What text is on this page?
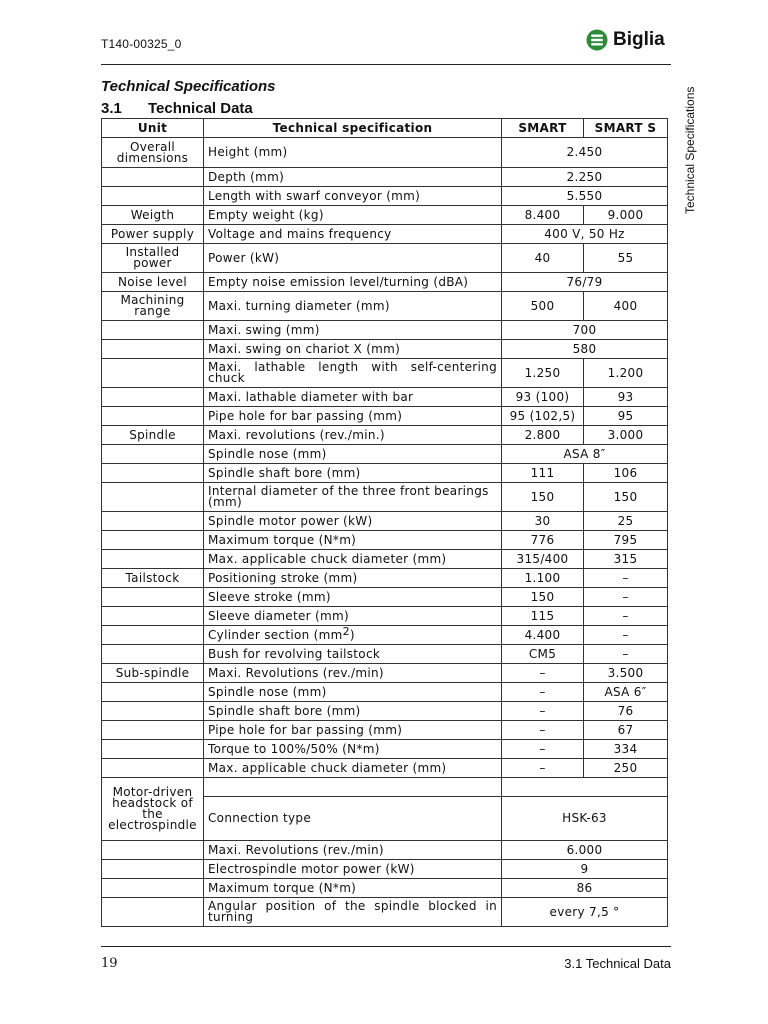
T140-00325_0	Biglia
Technical Specifications
Technical Specifications
3.1 Technical Data
Unit	Technical specification	SMART	SMART S
Overall dimensions	Height (mm)	2.450	
	Depth (mm)	2.250	
	Length with swarf conveyor (mm)	5.550	
Weigth	Empty weight (kg)	8.400	9.000
Power supply	Voltage and mains frequency	400 V, 50 Hz	
Installed power	Power (kW)	40	55
Noise level	Empty noise emission level/turning (dBA)	76/79	
Machining range	Maxi. turning diameter (mm)	500	400
	Maxi. swing (mm)	700	
	Maxi. swing on chariot X (mm)	580	
	Maxi. lathable length with self-centering chuck	1.250	1.200
	Maxi. lathable diameter with bar	93 (100)	93
	Pipe hole for bar passing (mm)	95 (102,5)	95
Spindle	Maxi. revolutions (rev./min.)	2.800	3.000
	Spindle nose (mm)	ASA 8″	
	Spindle shaft bore (mm)	111	106
	Internal diameter of the three front bearings (mm)	150	150
	Spindle motor power (kW)	30	25
	Maximum torque (N*m)	776	795
	Max. applicable chuck diameter (mm)	315/400	315
Tailstock	Positioning stroke (mm)	1.100	–
	Sleeve stroke (mm)	150	–
	Sleeve diameter (mm)	115	–
	Cylinder section $(mm^2)$	4.400	–
	Bush for revolving tailstock	CM5	–
Sub-spindle	Maxi. Revolutions (rev./min)	–	3.500
	Spindle nose (mm)	–	ASA 6″
	Spindle shaft bore (mm)	–	76
	Pipe hole for bar passing (mm)	–	67
	Torque to 100%/50% (N*m)	–	334
	Max. applicable chuck diameter (mm)	–	250
Motor-driven headstock of the electrospindle			
	Connection type	HSK-63	
	Maxi. Revolutions (rev./min)	6.000	
	Electrospindle motor power (kW)	9	
	Maximum torque (N*m)	86	
	Angular position of the spindle blocked in turning	every 7,5 °	
19	3.1 Technical Data
